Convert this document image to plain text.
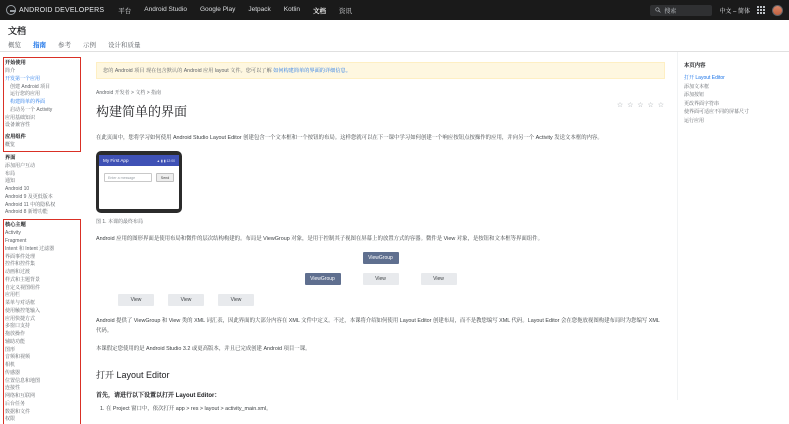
ANDROID DEVELOPERS 平台 Android Studio Google Play Jetpack Kotlin 文档 资讯	搜索	中文 – 简体
文档
概览 指南 参考 示例 设计和质量
开始使用
简介
开发第一个应用
创建 Android 项目
运行您的应用
构建简单的界面
启动另一个 Activity
应用基础知识
设备兼容性
应用组件
概览
界面
添加用户互动
布局
通知
Android 10
Android 9 及更低版本
Android 11 中的隐私权
Android 8 新增功能
核心主题
Activity
Fragment
Intent 和 Intent 过滤器
界面事件处理
控件和控件集
动画和过渡
样式和主题背景
自定义视图组件
应用栏
菜单与对话框
使用触控笔输入
应用快捷方式
多窗口支持
拖放操作
辅助功能
图形
音频和视频
相机
传感器
位置信息和地图
连接性
网络和互联网
后台任务
数据和文件
权限
您的 Android 项目 现在包含默认的 Android 应用 layout 文件。您可以了解 如何构建简单的界面的详细信息。
Android 开发者 > 文档 > 指南
构建简单的界面	☆ ☆ ☆ ☆ ☆

在此页面中，您将学习如何使用 Android Studio Layout Editor 创建包含一个文本框和一个按钮的布局。这样您就可以在下一课中学习如何创建一个响应按钮点按操作的应用，并向另一个 Activity 发送文本框的内容。

My First App	▲ ▮ ▮ 12:00
Enter a message	Send
图 1. 本课的最终布局

Android 应用的图形界面是使用布局和微件的层次结构构建的。布局是 ViewGroup 对象，是用于控制其子视图在屏幕上的放置方式的容器。微件是 View 对象，是按钮和文本框等界面组件。

ViewGroup
ViewGroup	View	View
View	View	View

Android 提供了 ViewGroup 和 View 类的 XML 词汇表，因此界面的大部分内容在 XML 文件中定义。不过，本课将介绍如何使用 Layout Editor 创建布局，而不是教您编写 XML 代码。Layout Editor 会在您拖放视图构建布局时为您编写 XML 代码。

本课假定您使用的是 Android Studio 3.2 或更高版本，并且已完成创建 Android 项目一课。

打开 Layout Editor
首先，请进行以下设置以打开 Layout Editor：
1. 在 Project 窗口中，依次打开 app > res > layout > activity_main.xml。
本页内容
打开 Layout Editor
添加文本框
添加按钮
更改界面字符串
使界面可适应不同的屏幕尺寸
运行应用
